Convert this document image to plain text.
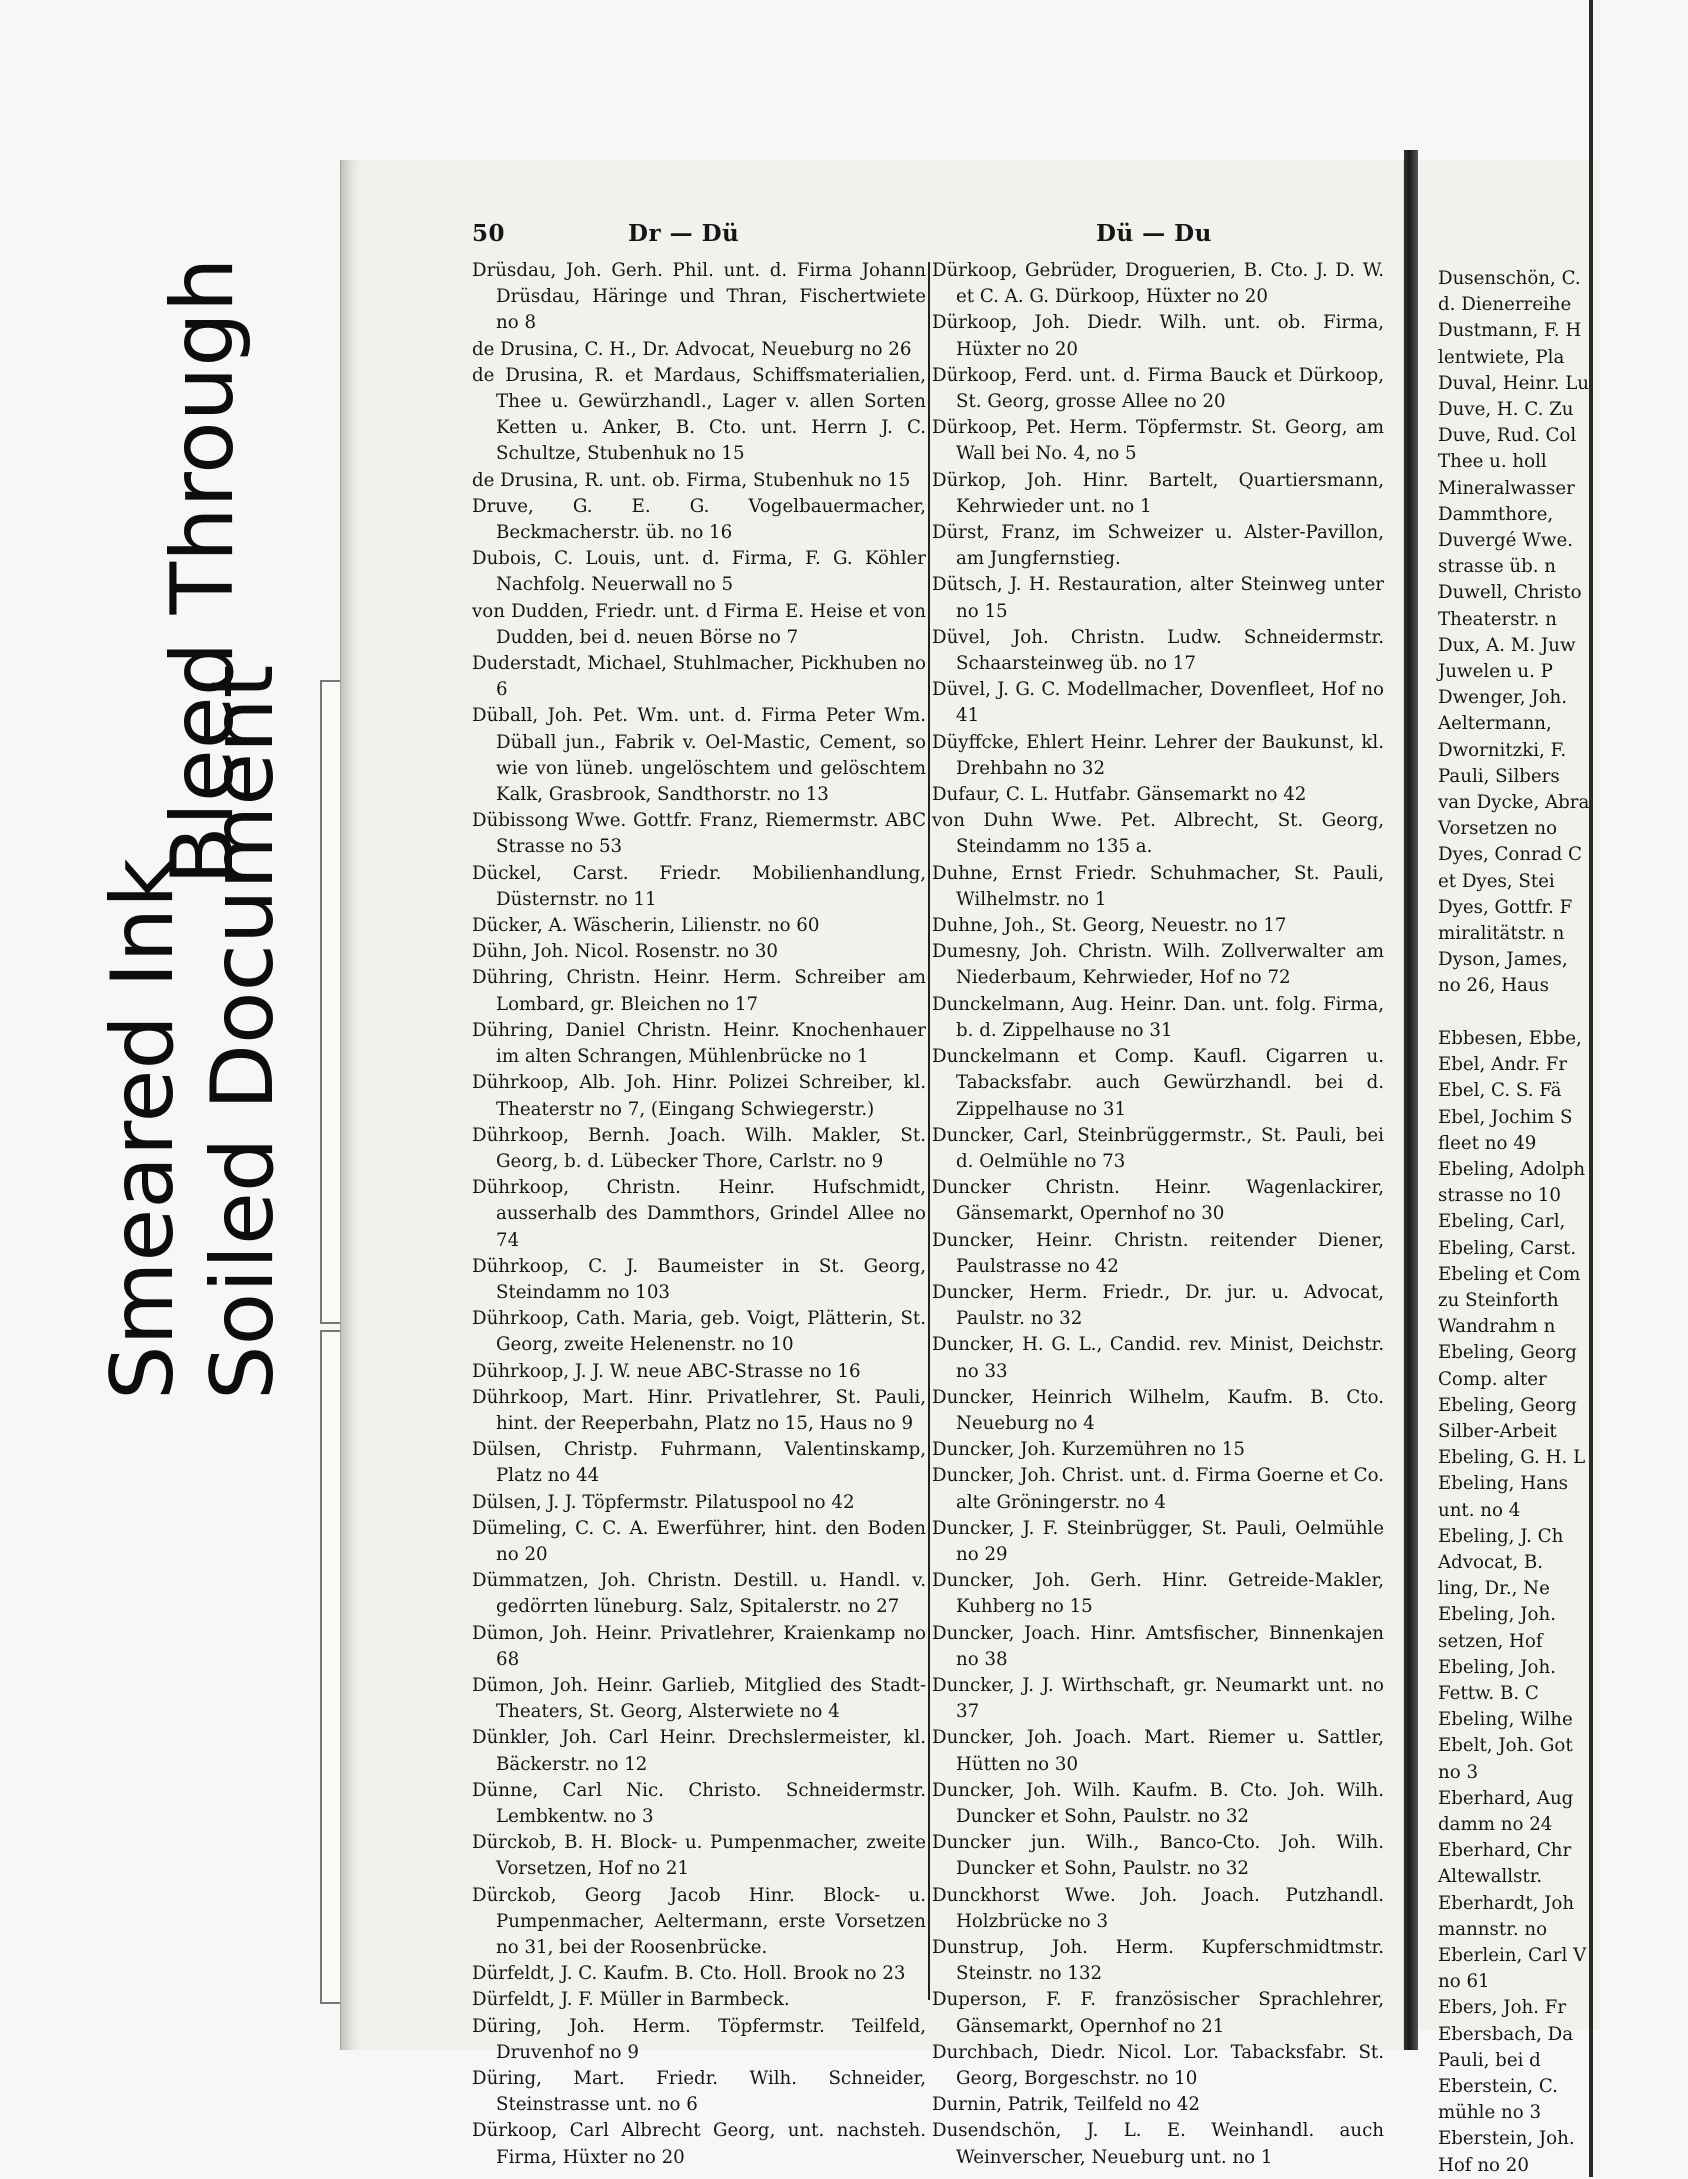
Bleed Through
Smeared Ink Soiled Document

Dusenschön, C.

d. Dienerreihe

Dustmann, F. H

lentwiete, Pla

Duval, Heinr. Lu

Duve, H. C. Zu

Duve, Rud. Col

Thee u. holl

Mineralwasser

Dammthore,

Duvergé Wwe.

strasse üb. n

Duwell, Christo

Theaterstr. n

Dux, A. M. Juw

Juwelen u. P

Dwenger, Joh.

Aeltermann,

Dwornitzki, F.

Pauli, Silbers

van Dycke, Abra

Vorsetzen no

Dyes, Conrad C

et Dyes, Stei

Dyes, Gottfr. F

miralitätstr. n

Dyson, James,

no 26, Haus

Ebbesen, Ebbe,

Ebel, Andr. Fr

Ebel, C. S. Fä

Ebel, Jochim S

fleet no 49

Ebeling, Adolph

strasse no 10

Ebeling, Carl,

Ebeling, Carst.

Ebeling et Com

zu Steinforth

Wandrahm n

Ebeling, Georg

Comp. alter

Ebeling, Georg

Silber-Arbeit

Ebeling, G. H. L

Ebeling, Hans

unt. no 4

Ebeling, J. Ch

Advocat, B.

ling, Dr., Ne

Ebeling, Joh.

setzen, Hof

Ebeling, Joh.

Fettw. B. C

Ebeling, Wilhe

Ebelt, Joh. Got

no 3

Eberhard, Aug

damm no 24

Eberhard, Chr

Altewallstr.

Eberhardt, Joh

mannstr. no

Eberlein, Carl V

no 61

Ebers, Joh. Fr

Ebersbach, Da

Pauli, bei d

Eberstein, C.

mühle no 3

Eberstein, Joh.

Hof no 20

50	Dr — Dü	Dü — Du

Drüsdau, Joh. Gerh. Phil. unt. d. Firma Johann Drüsdau, Häringe und Thran, Fischertwiete no 8

de Drusina, C. H., Dr. Advocat, Neueburg no 26

de Drusina, R. et Mardaus, Schiffsmaterialien, Thee u. Gewürzhandl., Lager v. allen Sorten Ketten u. Anker, B. Cto. unt. Herrn J. C. Schultze, Stubenhuk no 15

de Drusina, R. unt. ob. Firma, Stubenhuk no 15

Druve, G. E. G. Vogelbauermacher, Beckmacherstr. üb. no 16

Dubois, C. Louis, unt. d. Firma, F. G. Köhler Nachfolg. Neuerwall no 5

von Dudden, Friedr. unt. d Firma E. Heise et von Dudden, bei d. neuen Börse no 7

Duderstadt, Michael, Stuhlmacher, Pickhuben no 6

Düball, Joh. Pet. Wm. unt. d. Firma Peter Wm. Düball jun., Fabrik v. Oel-Mastic, Cement, so wie von lüneb. ungelöschtem und gelöschtem Kalk, Grasbrook, Sandthorstr. no 13

Dübissong Wwe. Gottfr. Franz, Riemermstr. ABC Strasse no 53

Dückel, Carst. Friedr. Mobilienhandlung, Düsternstr. no 11

Dücker, A. Wäscherin, Lilienstr. no 60

Dühn, Joh. Nicol. Rosenstr. no 30

Dühring, Christn. Heinr. Herm. Schreiber am Lombard, gr. Bleichen no 17

Dühring, Daniel Christn. Heinr. Knochenhauer im alten Schrangen, Mühlenbrücke no 1

Dührkoop, Alb. Joh. Hinr. Polizei Schreiber, kl. Theaterstr no 7, (Eingang Schwiegerstr.)

Dührkoop, Bernh. Joach. Wilh. Makler, St. Georg, b. d. Lübecker Thore, Carlstr. no 9

Dührkoop, Christn. Heinr. Hufschmidt, ausserhalb des Dammthors, Grindel Allee no 74

Dührkoop, C. J. Baumeister in St. Georg, Steindamm no 103

Dührkoop, Cath. Maria, geb. Voigt, Plätterin, St. Georg, zweite Helenenstr. no 10

Dührkoop, J. J. W. neue ABC-Strasse no 16

Dührkoop, Mart. Hinr. Privatlehrer, St. Pauli, hint. der Reeperbahn, Platz no 15, Haus no 9

Dülsen, Christp. Fuhrmann, Valentinskamp, Platz no 44

Dülsen, J. J. Töpfermstr. Pilatuspool no 42

Dümeling, C. C. A. Ewerführer, hint. den Boden no 20

Dümmatzen, Joh. Christn. Destill. u. Handl. v. gedörrten lüneburg. Salz, Spitalerstr. no 27

Dümon, Joh. Heinr. Privatlehrer, Kraienkamp no 68

Dümon, Joh. Heinr. Garlieb, Mitglied des Stadt-Theaters, St. Georg, Alsterwiete no 4

Dünkler, Joh. Carl Heinr. Drechslermeister, kl. Bäckerstr. no 12

Dünne, Carl Nic. Christo. Schneidermstr. Lembkentw. no 3

Dürckob, B. H. Block- u. Pumpenmacher, zweite Vorsetzen, Hof no 21

Dürckob, Georg Jacob Hinr. Block- u. Pumpenmacher, Aeltermann, erste Vorsetzen no 31, bei der Roosenbrücke.

Dürfeldt, J. C. Kaufm. B. Cto. Holl. Brook no 23

Dürfeldt, J. F. Müller in Barmbeck.

Düring, Joh. Herm. Töpfermstr. Teilfeld, Druvenhof no 9

Düring, Mart. Friedr. Wilh. Schneider, Steinstrasse unt. no 6

Dürkoop, Carl Albrecht Georg, unt. nachsteh. Firma, Hüxter no 20

Dürkoop, Gebrüder, Droguerien, B. Cto. J. D. W. et C. A. G. Dürkoop, Hüxter no 20

Dürkoop, Joh. Diedr. Wilh. unt. ob. Firma, Hüxter no 20

Dürkoop, Ferd. unt. d. Firma Bauck et Dürkoop, St. Georg, grosse Allee no 20

Dürkoop, Pet. Herm. Töpfermstr. St. Georg, am Wall bei No. 4, no 5

Dürkop, Joh. Hinr. Bartelt, Quartiersmann, Kehrwieder unt. no 1

Dürst, Franz, im Schweizer u. Alster-Pavillon, am Jungfernstieg.

Dütsch, J. H. Restauration, alter Steinweg unter no 15

Düvel, Joh. Christn. Ludw. Schneidermstr. Schaarsteinweg üb. no 17

Düvel, J. G. C. Modellmacher, Dovenfleet, Hof no 41

Düyffcke, Ehlert Heinr. Lehrer der Baukunst, kl. Drehbahn no 32

Dufaur, C. L. Hutfabr. Gänsemarkt no 42

von Duhn Wwe. Pet. Albrecht, St. Georg, Steindamm no 135 a.

Duhne, Ernst Friedr. Schuhmacher, St. Pauli, Wilhelmstr. no 1

Duhne, Joh., St. Georg, Neuestr. no 17

Dumesny, Joh. Christn. Wilh. Zollverwalter am Niederbaum, Kehrwieder, Hof no 72

Dunckelmann, Aug. Heinr. Dan. unt. folg. Firma, b. d. Zippelhause no 31

Dunckelmann et Comp. Kaufl. Cigarren u. Tabacksfabr. auch Gewürzhandl. bei d. Zippelhause no 31

Duncker, Carl, Steinbrüggermstr., St. Pauli, bei d. Oelmühle no 73

Duncker Christn. Heinr. Wagenlackirer, Gänsemarkt, Opernhof no 30

Duncker, Heinr. Christn. reitender Diener, Paulstrasse no 42

Duncker, Herm. Friedr., Dr. jur. u. Advocat, Paulstr. no 32

Duncker, H. G. L., Candid. rev. Minist, Deichstr. no 33

Duncker, Heinrich Wilhelm, Kaufm. B. Cto. Neueburg no 4

Duncker, Joh. Kurzemühren no 15

Duncker, Joh. Christ. unt. d. Firma Goerne et Co. alte Gröningerstr. no 4

Duncker, J. F. Steinbrügger, St. Pauli, Oelmühle no 29

Duncker, Joh. Gerh. Hinr. Getreide-Makler, Kuhberg no 15

Duncker, Joach. Hinr. Amtsfischer, Binnenkajen no 38

Duncker, J. J. Wirthschaft, gr. Neumarkt unt. no 37

Duncker, Joh. Joach. Mart. Riemer u. Sattler, Hütten no 30

Duncker, Joh. Wilh. Kaufm. B. Cto. Joh. Wilh. Duncker et Sohn, Paulstr. no 32

Duncker jun. Wilh., Banco-Cto. Joh. Wilh. Duncker et Sohn, Paulstr. no 32

Dunckhorst Wwe. Joh. Joach. Putzhandl. Holzbrücke no 3

Dunstrup, Joh. Herm. Kupferschmidtmstr. Steinstr. no 132

Duperson, F. F. französischer Sprachlehrer, Gänsemarkt, Opernhof no 21

Durchbach, Diedr. Nicol. Lor. Tabacksfabr. St. Georg, Borgeschstr. no 10

Durnin, Patrik, Teilfeld no 42

Dusendschön, J. L. E. Weinhandl. auch Weinverscher, Neueburg unt. no 1
